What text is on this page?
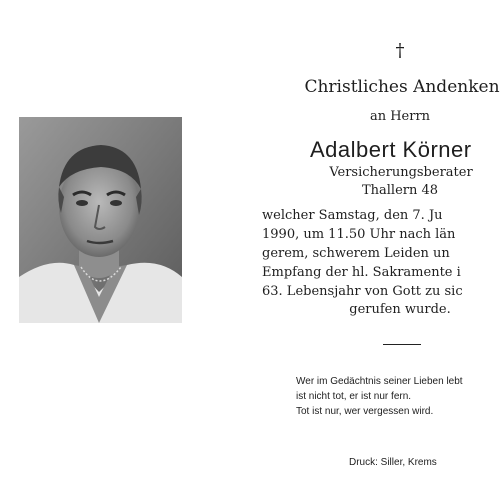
†
Christliches Andenken
an Herrn
Adalbert Körner
Versicherungsberater
Thallern 48
welcher Samstag, den 7. Ju
1990, um 11.50 Uhr nach län
gerem, schwerem Leiden un
Empfang der hl. Sakramente i
63. Lebensjahr von Gott zu sic
gerufen wurde.
Wer im Gedächtnis seiner Lieben lebt
ist nicht tot, er ist nur fern.
Tot ist nur, wer vergessen wird.
Druck: Siller, Krems
